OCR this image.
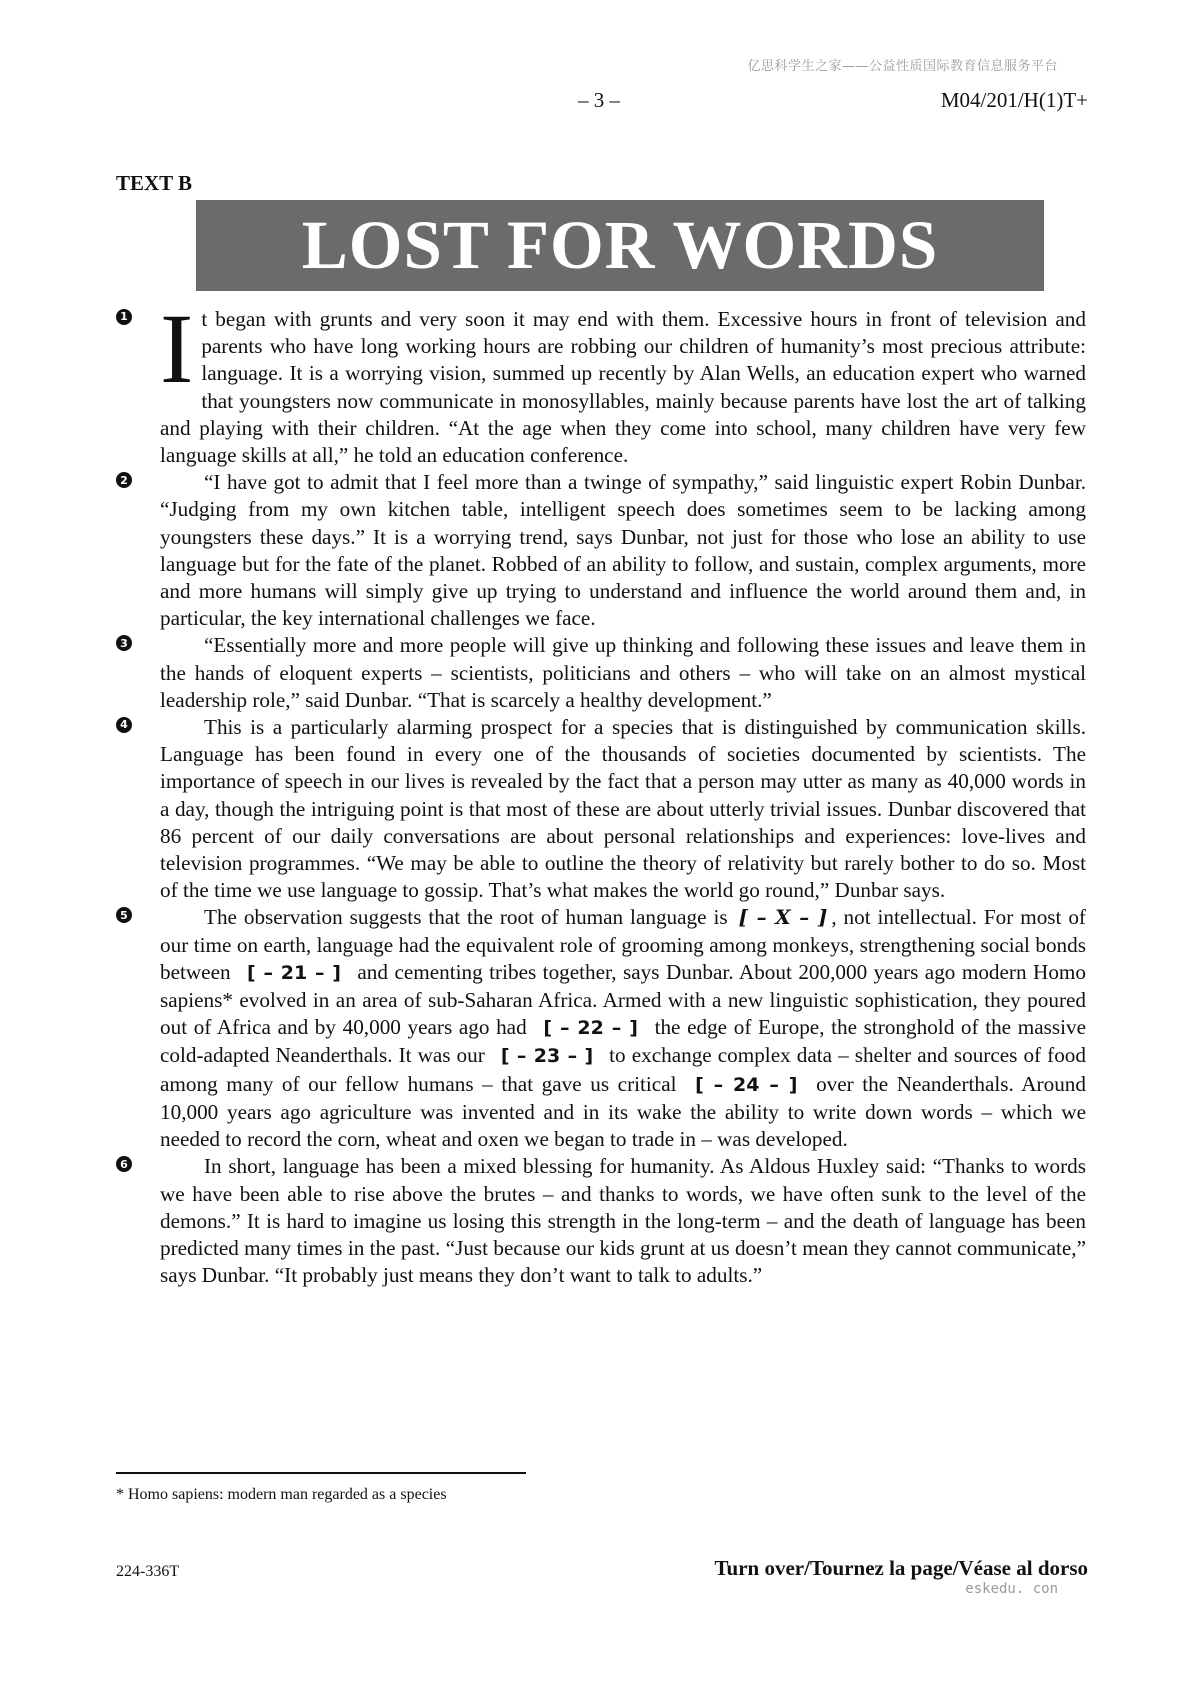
亿思科学生之家——公益性质国际教育信息服务平台
– 3 –	M04/201/H(1)T+
TEXT B
LOST FOR WORDS
1 It began with grunts and very soon it may end with them. Excessive hours in front of television and parents who have long working hours are robbing our children of humanity’s most precious attribute: language. It is a worrying vision, summed up recently by Alan Wells, an education expert who warned that youngsters now communicate in monosyllables, mainly because parents have lost the art of talking and playing with their children. “At the age when they come into school, many children have very few language skills at all,” he told an education conference.
2	“I have got to admit that I feel more than a twinge of sympathy,” said linguistic expert Robin Dunbar. “Judging from my own kitchen table, intelligent speech does sometimes seem to be lacking among youngsters these days.” It is a worrying trend, says Dunbar, not just for those who lose an ability to use language but for the fate of the planet. Robbed of an ability to follow, and sustain, complex arguments, more and more humans will simply give up trying to understand and influence the world around them and, in particular, the key international challenges we face.
3	“Essentially more and more people will give up thinking and following these issues and leave them in the hands of eloquent experts – scientists, politicians and others – who will take on an almost mystical leadership role,” said Dunbar. “That is scarcely a healthy development.”
4	This is a particularly alarming prospect for a species that is distinguished by communication skills. Language has been found in every one of the thousands of societies documented by scientists. The importance of speech in our lives is revealed by the fact that a person may utter as many as 40,000 words in a day, though the intriguing point is that most of these are about utterly trivial issues. Dunbar discovered that 86 percent of our daily conversations are about personal relationships and experiences: love-lives and television programmes. “We may be able to outline the theory of relativity but rarely bother to do so. Most of the time we use language to gossip. That’s what makes the world go round,” Dunbar says.
5	The observation suggests that the root of human language is [ – X – ] , not intellectual. For most of our time on earth, language had the equivalent role of grooming among monkeys, strengthening social bonds between [ – 21 – ] and cementing tribes together, says Dunbar. About 200,000 years ago modern Homo sapiens* evolved in an area of sub-Saharan Africa. Armed with a new linguistic sophistication, they poured out of Africa and by 40,000 years ago had [ – 22 – ] the edge of Europe, the stronghold of the massive cold-adapted Neanderthals. It was our [ – 23 – ] to exchange complex data – shelter and sources of food among many of our fellow humans – that gave us critical [ – 24 – ] over the Neanderthals. Around 10,000 years ago agriculture was invented and in its wake the ability to write down words – which we needed to record the corn, wheat and oxen we began to trade in – was developed.
6	In short, language has been a mixed blessing for humanity. As Aldous Huxley said: “Thanks to words we have been able to rise above the brutes – and thanks to words, we have often sunk to the level of the demons.” It is hard to imagine us losing this strength in the long-term – and the death of language has been predicted many times in the past. “Just because our kids grunt at us doesn’t mean they cannot communicate,” says Dunbar. “It probably just means they don’t want to talk to adults.”
* Homo sapiens: modern man regarded as a species
224-336T	Turn over/Tournez la page/Véase al dorso
eskedu. con
